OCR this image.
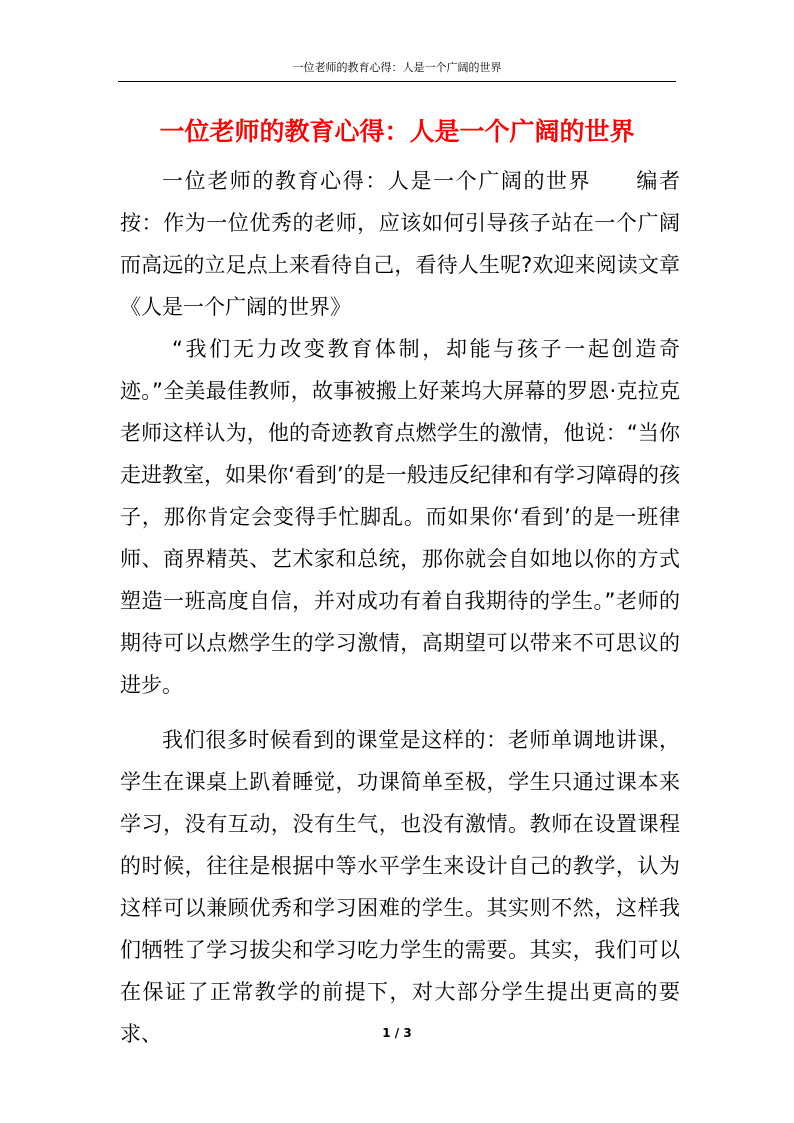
一位老师的教育心得：人是一个广阔的世界
一位老师的教育心得：人是一个广阔的世界

一位老师的教育心得：人是一个广阔的世界　　编者按：作为一位优秀的老师，应该如何引导孩子站在一个广阔而高远的立足点上来看待自己，看待人生呢?欢迎来阅读文章《人是一个广阔的世界》

“我们无力改变教育体制，却能与孩子一起创造奇迹。”全美最佳教师，故事被搬上好莱坞大屏幕的罗恩·克拉克老师这样认为，他的奇迹教育点燃学生的激情，他说：“当你走进教室，如果你‘看到’的是一般违反纪律和有学习障碍的孩子，那你肯定会变得手忙脚乱。而如果你‘看到’的是一班律师、商界精英、艺术家和总统，那你就会自如地以你的方式塑造一班高度自信，并对成功有着自我期待的学生。”老师的期待可以点燃学生的学习激情，高期望可以带来不可思议的进步。

我们很多时候看到的课堂是这样的：老师单调地讲课，学生在课桌上趴着睡觉，功课简单至极，学生只通过课本来学习，没有互动，没有生气，也没有激情。教师在设置课程的时候，往往是根据中等水平学生来设计自己的教学，认为这样可以兼顾优秀和学习困难的学生。其实则不然，这样我们牺牲了学习拔尖和学习吃力学生的需要。其实，我们可以在保证了正常教学的前提下，对大部分学生提出更高的要求、	1 / 3
